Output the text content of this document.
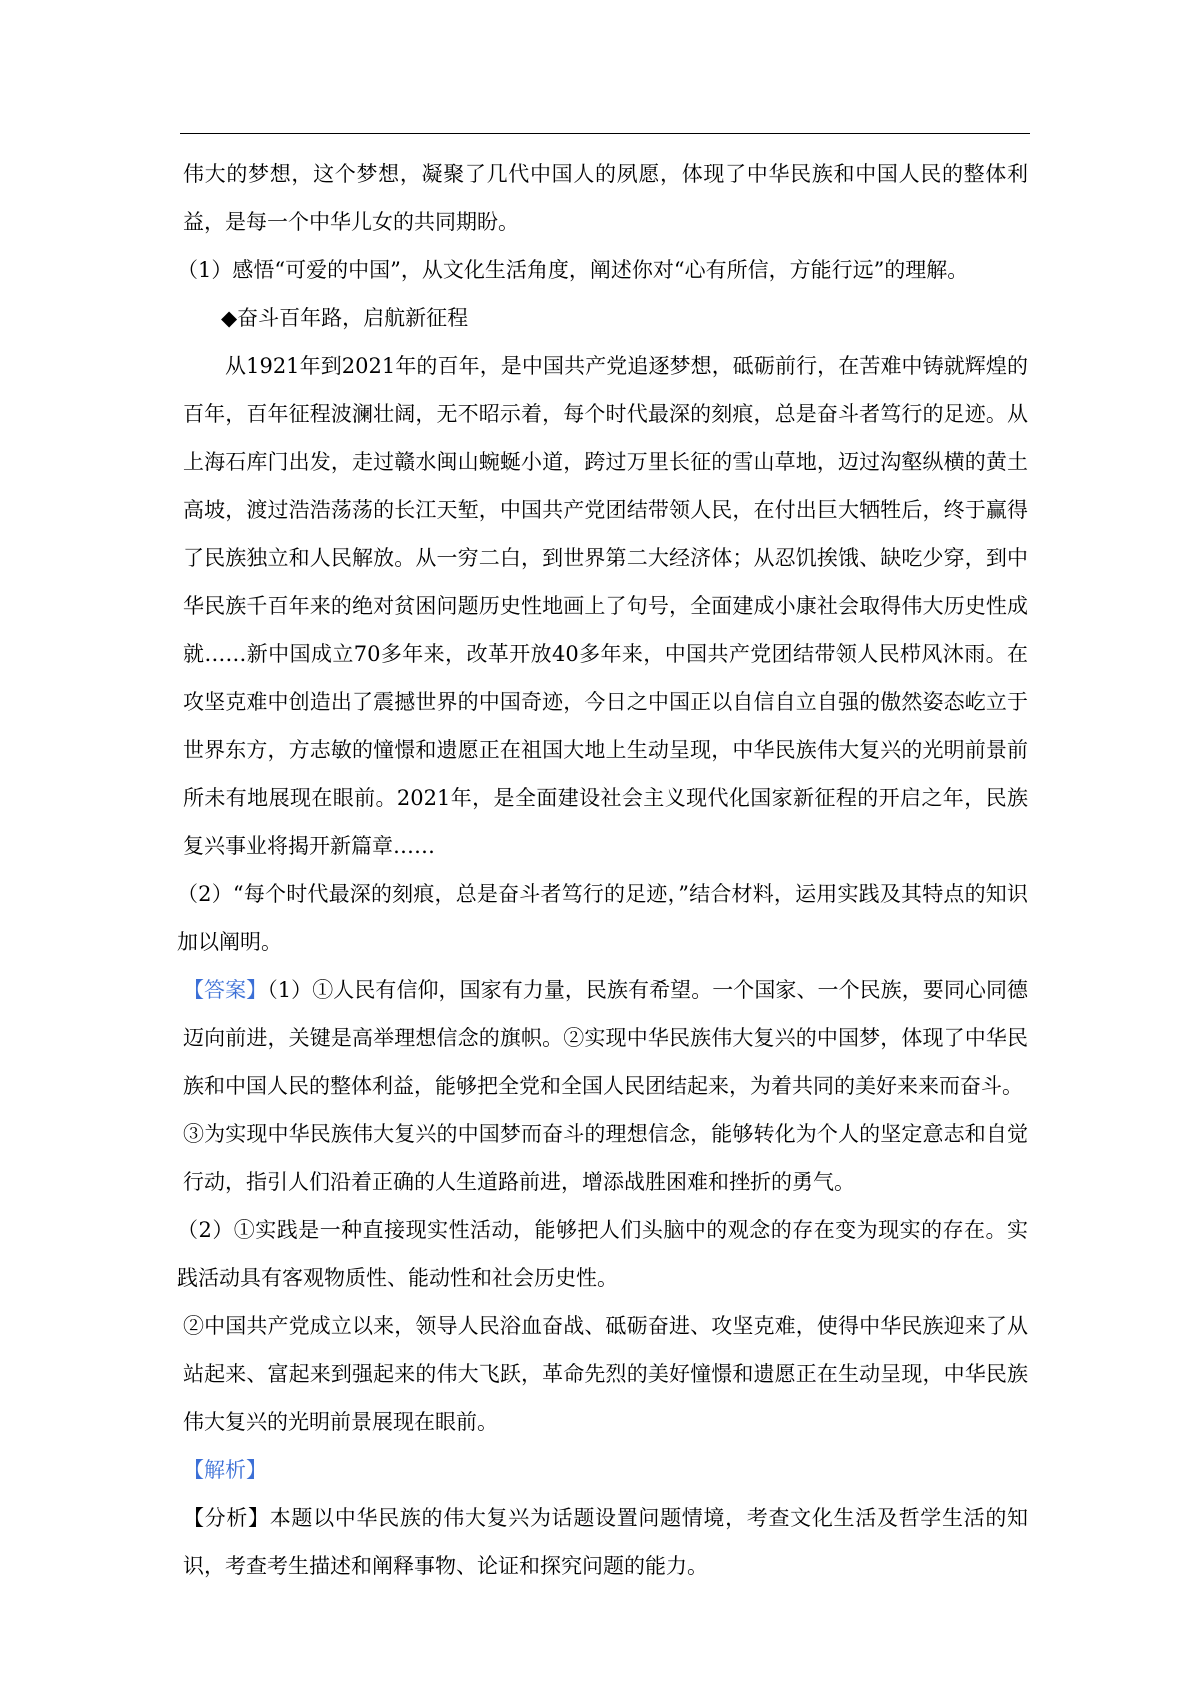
伟大的梦想，这个梦想，凝聚了几代中国人的夙愿，体现了中华民族和中国人民的整体利益，是每一个中华儿女的共同期盼。

（1）感悟“可爱的中国”，从文化生活角度，阐述你对“心有所信，方能行远”的理解。

◆奋斗百年路，启航新征程

从1921年到2021年的百年，是中国共产党追逐梦想，砥砺前行，在苦难中铸就辉煌的百年，百年征程波澜壮阔，无不昭示着，每个时代最深的刻痕，总是奋斗者笃行的足迹。从上海石库门出发，走过赣水闽山蜿蜒小道，跨过万里长征的雪山草地，迈过沟壑纵横的黄土高坡，渡过浩浩荡荡的长江天堑，中国共产党团结带领人民，在付出巨大牺牲后，终于赢得了民族独立和人民解放。从一穷二白，到世界第二大经济体；从忍饥挨饿、缺吃少穿，到中华民族千百年来的绝对贫困问题历史性地画上了句号，全面建成小康社会取得伟大历史性成就……新中国成立70多年来，改革开放40多年来，中国共产党团结带领人民栉风沐雨。在攻坚克难中创造出了震撼世界的中国奇迹，今日之中国正以自信自立自强的傲然姿态屹立于世界东方，方志敏的憧憬和遗愿正在祖国大地上生动呈现，中华民族伟大复兴的光明前景前所未有地展现在眼前。2021年，是全面建设社会主义现代化国家新征程的开启之年，民族复兴事业将揭开新篇章……

（2）“每个时代最深的刻痕，总是奋斗者笃行的足迹，”结合材料，运用实践及其特点的知识加以阐明。

【答案】（1）①人民有信仰，国家有力量，民族有希望。一个国家、一个民族，要同心同德迈向前进，关键是高举理想信念的旗帜。②实现中华民族伟大复兴的中国梦，体现了中华民族和中国人民的整体利益，能够把全党和全国人民团结起来，为着共同的美好来来而奋斗。

③为实现中华民族伟大复兴的中国梦而奋斗的理想信念，能够转化为个人的坚定意志和自觉行动，指引人们沿着正确的人生道路前进，增添战胜困难和挫折的勇气。

（2）①实践是一种直接现实性活动，能够把人们头脑中的观念的存在变为现实的存在。实践活动具有客观物质性、能动性和社会历史性。

②中国共产党成立以来，领导人民浴血奋战、砥砺奋进、攻坚克难，使得中华民族迎来了从站起来、富起来到强起来的伟大飞跃，革命先烈的美好憧憬和遗愿正在生动呈现，中华民族伟大复兴的光明前景展现在眼前。

【解析】

【分析】本题以中华民族的伟大复兴为话题设置问题情境，考查文化生活及哲学生活的知识，考查考生描述和阐释事物、论证和探究问题的能力。
